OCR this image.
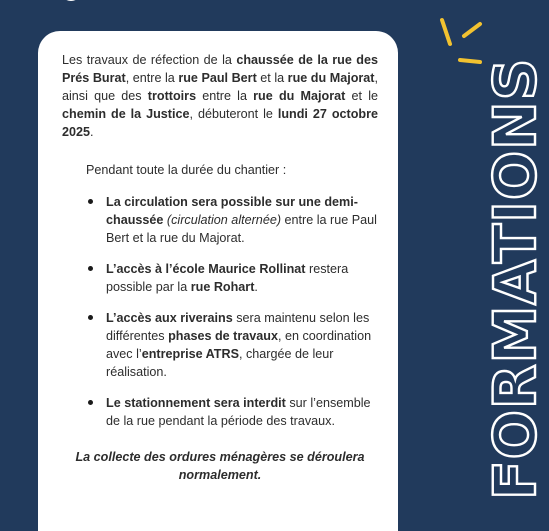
Les travaux de réfection de la chaussée de la rue des Prés Burat, entre la rue Paul Bert et la rue du Majorat, ainsi que des trottoirs entre la rue du Majorat et le chemin de la Justice, débuteront le lundi 27 octobre 2025.

Pendant toute la durée du chantier :

La circulation sera possible sur une demi-chaussée (circulation alternée) entre la rue Paul Bert et la rue du Majorat.
L’accès à l’école Maurice Rollinat restera possible par la rue Rohart.
L’accès aux riverains sera maintenu selon les différentes phases de travaux, en coordination avec l’entreprise ATRS, chargée de leur réalisation.
Le stationnement sera interdit sur l’ensemble de la rue pendant la période des travaux.

La collecte des ordures ménagères se déroulera normalement.	FORMATIONS
